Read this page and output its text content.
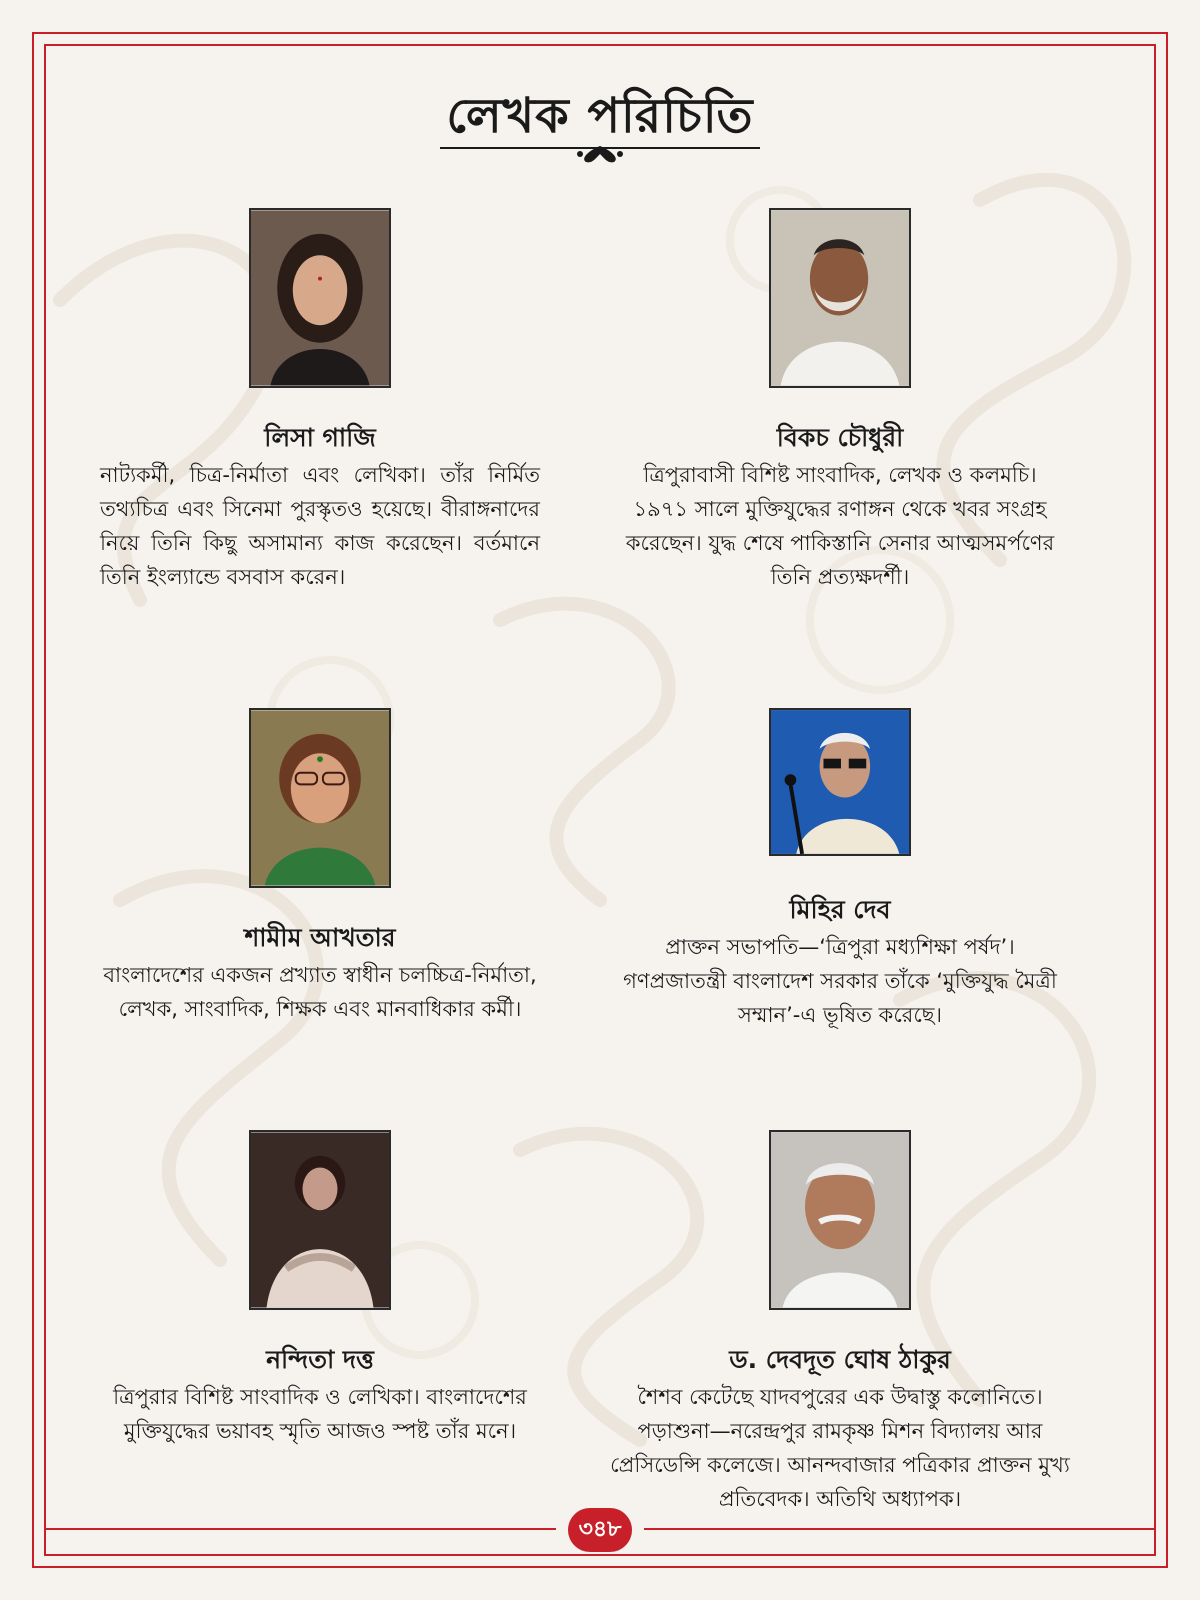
লেখক পরিচিতি
লিসা গাজি

নাট্যকর্মী, চিত্র-নির্মাতা এবং লেখিকা। তাঁর নির্মিত তথ্যচিত্র এবং সিনেমা পুরস্কৃতও হয়েছে। বীরাঙ্গনাদের নিয়ে তিনি কিছু অসামান্য কাজ করেছেন। বর্তমানে তিনি ইংল্যান্ডে বসবাস করেন।

বিকচ চৌধুরী

ত্রিপুরাবাসী বিশিষ্ট সাংবাদিক, লেখক ও কলমচি। ১৯৭১ সালে মুক্তিযুদ্ধের রণাঙ্গন থেকে খবর সংগ্রহ করেছেন। যুদ্ধ শেষে পাকিস্তানি সেনার আত্মসমর্পণের তিনি প্রত্যক্ষদর্শী।

শামীম আখতার

বাংলাদেশের একজন প্রখ্যাত স্বাধীন চলচ্চিত্র-নির্মাতা, লেখক, সাংবাদিক, শিক্ষক এবং মানবাধিকার কর্মী।

মিহির দেব

প্রাক্তন সভাপতি—‘ত্রিপুরা মধ্যশিক্ষা পর্ষদ’। গণপ্রজাতন্ত্রী বাংলাদেশ সরকার তাঁকে ‘মুক্তিযুদ্ধ মৈত্রী সম্মান’-এ ভূষিত করেছে।

নন্দিতা দত্ত

ত্রিপুরার বিশিষ্ট সাংবাদিক ও লেখিকা। বাংলাদেশের মুক্তিযুদ্ধের ভয়াবহ স্মৃতি আজও স্পষ্ট তাঁর মনে।

ড. দেবদূত ঘোষ ঠাকুর

শৈশব কেটেছে যাদবপুরের এক উদ্বাস্তু কলোনিতে। পড়াশুনা—নরেন্দ্রপুর রামকৃষ্ণ মিশন বিদ্যালয় আর প্রেসিডেন্সি কলেজে। আনন্দবাজার পত্রিকার প্রাক্তন মুখ্য প্রতিবেদক। অতিথি অধ্যাপক।

৩৪৮
